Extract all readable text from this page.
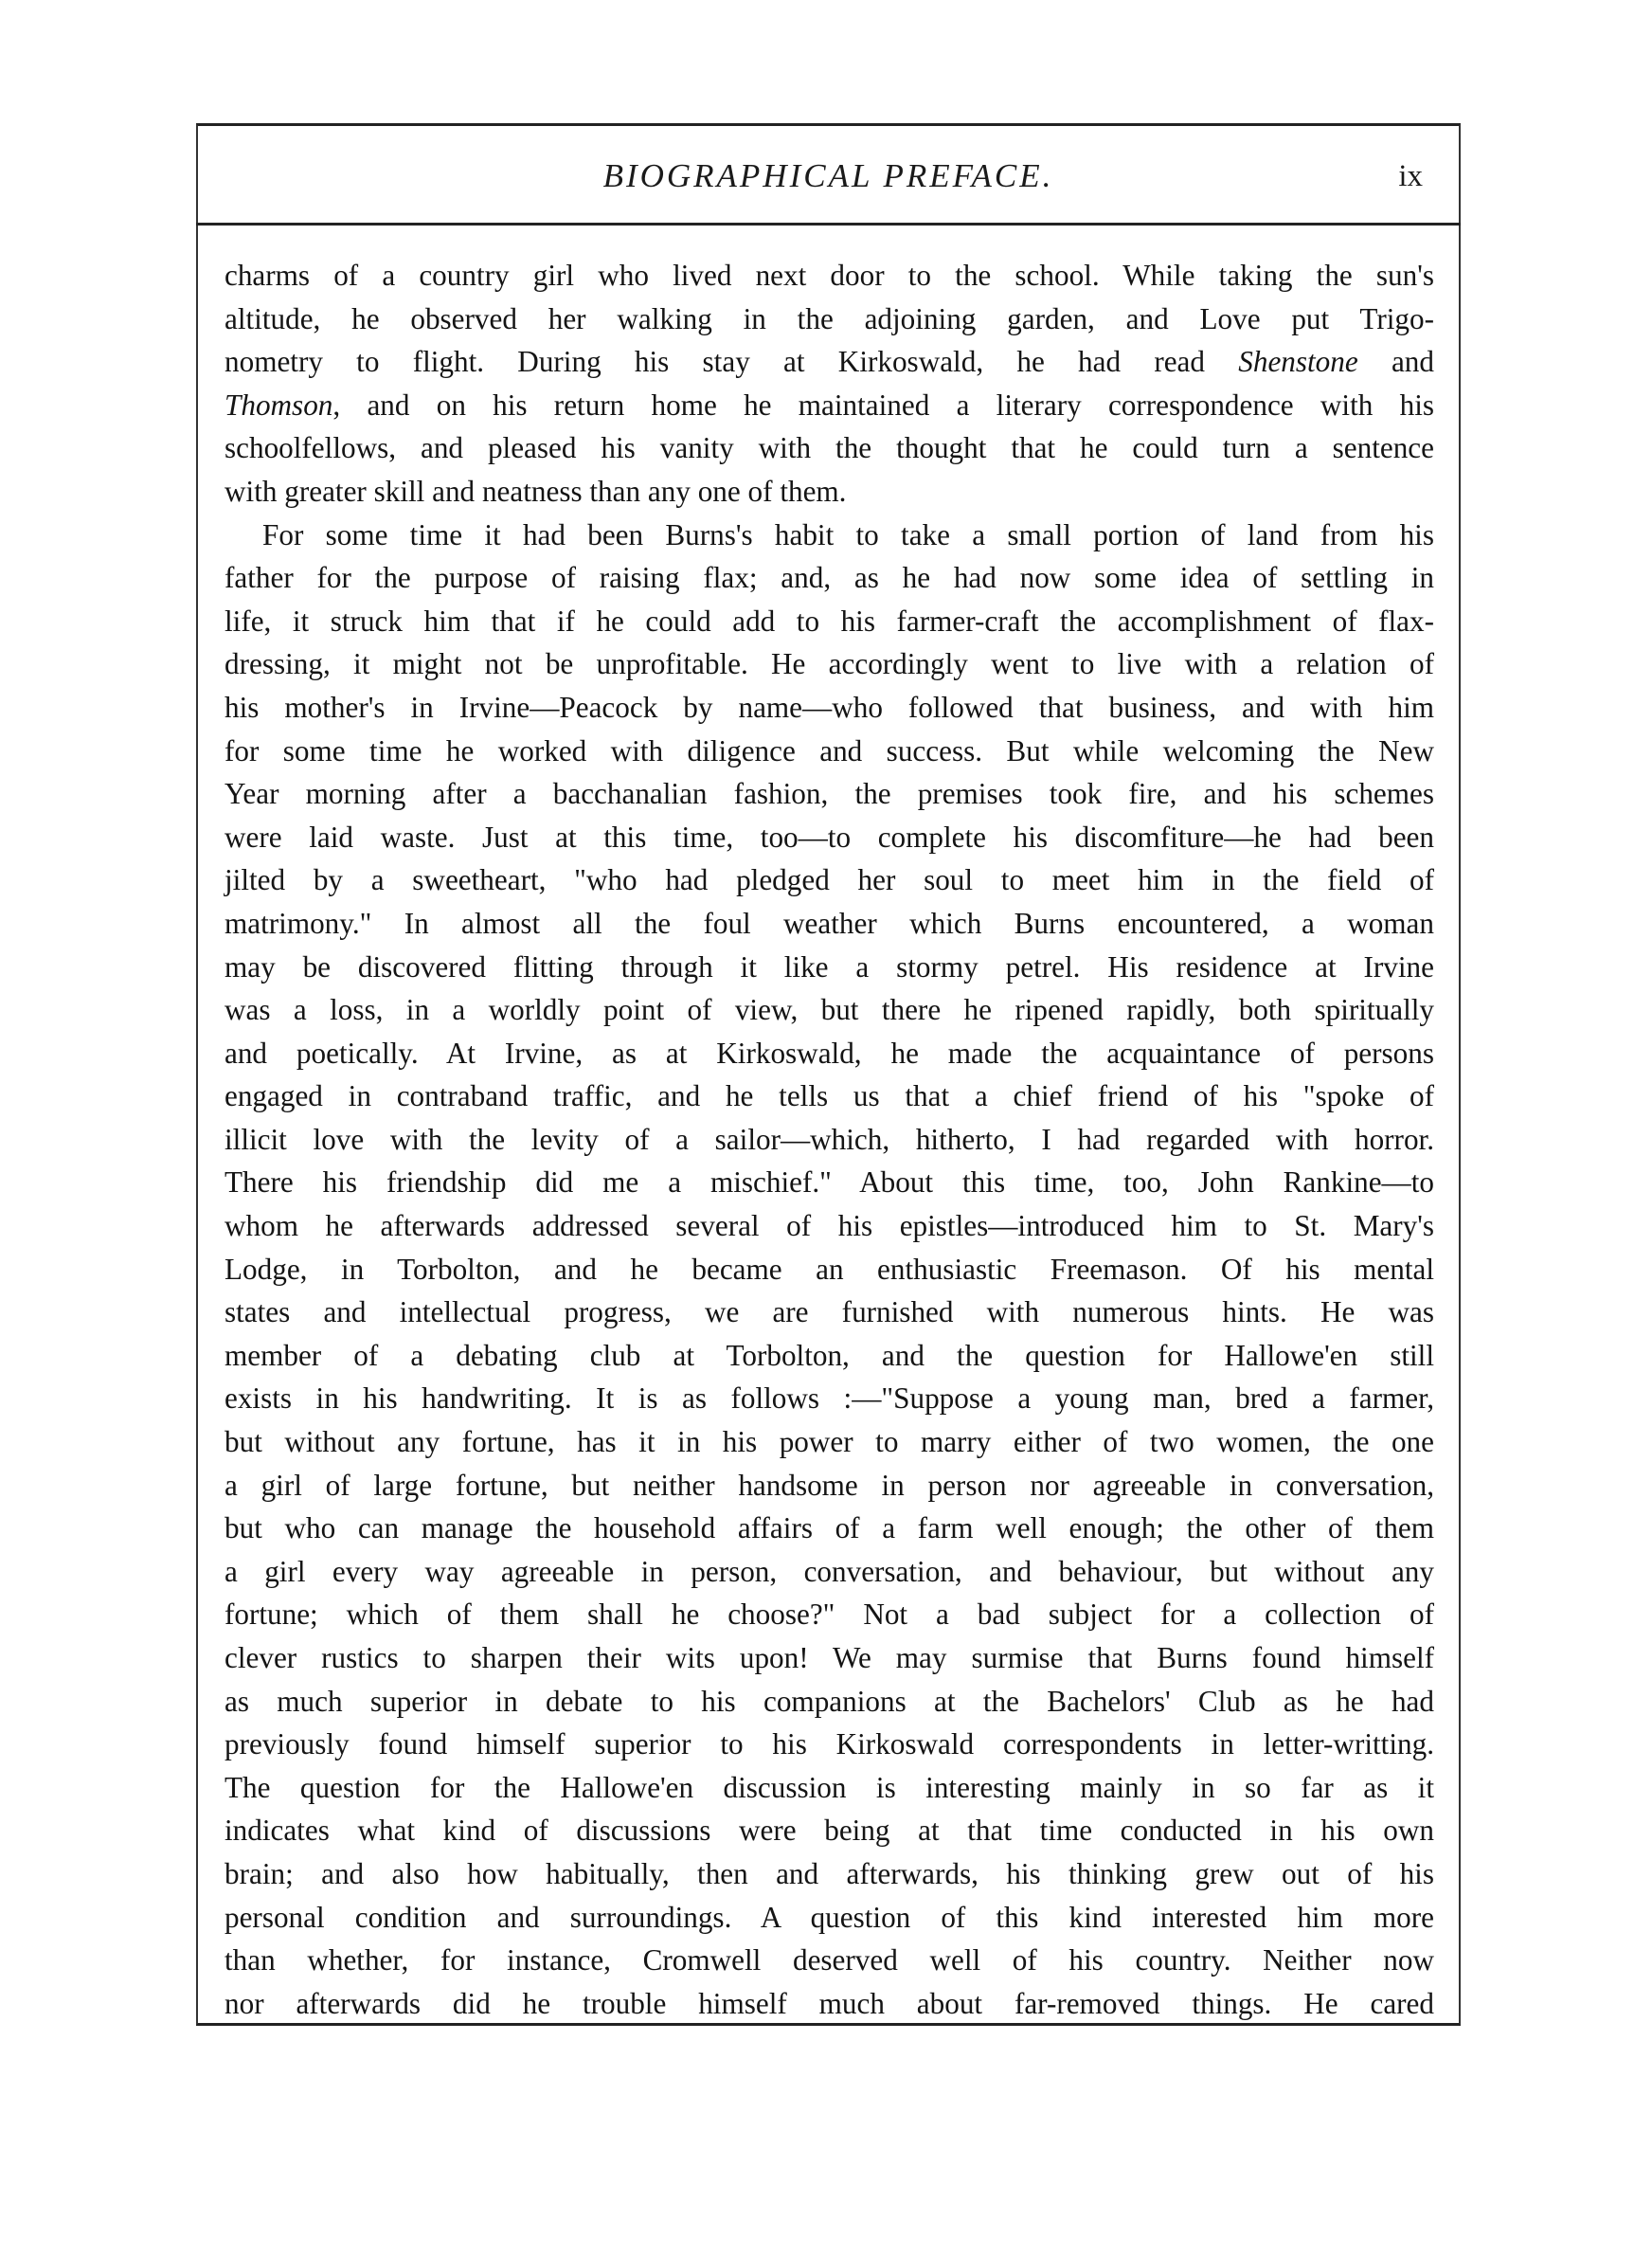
BIOGRAPHICAL PREFACE.	ix
charms of a country girl who lived next door to the school. While taking the sun's
altitude, he observed her walking in the adjoining garden, and Love put Trigo-
nometry to flight. During his stay at Kirkoswald, he had read Shenstone and
Thomson, and on his return home he maintained a literary correspondence with his
schoolfellows, and pleased his vanity with the thought that he could turn a sentence
with greater skill and neatness than any one of them.
For some time it had been Burns's habit to take a small portion of land from his
father for the purpose of raising flax; and, as he had now some idea of settling in
life, it struck him that if he could add to his farmer-craft the accomplishment of flax-
dressing, it might not be unprofitable. He accordingly went to live with a relation of
his mother's in Irvine—Peacock by name—who followed that business, and with him
for some time he worked with diligence and success. But while welcoming the New
Year morning after a bacchanalian fashion, the premises took fire, and his schemes
were laid waste. Just at this time, too—to complete his discomfiture—he had been
jilted by a sweetheart, "who had pledged her soul to meet him in the field of
matrimony." In almost all the foul weather which Burns encountered, a woman
may be discovered flitting through it like a stormy petrel. His residence at Irvine
was a loss, in a worldly point of view, but there he ripened rapidly, both spiritually
and poetically. At Irvine, as at Kirkoswald, he made the acquaintance of persons
engaged in contraband traffic, and he tells us that a chief friend of his "spoke of
illicit love with the levity of a sailor—which, hitherto, I had regarded with horror.
There his friendship did me a mischief." About this time, too, John Rankine—to
whom he afterwards addressed several of his epistles—introduced him to St. Mary's
Lodge, in Torbolton, and he became an enthusiastic Freemason. Of his mental
states and intellectual progress, we are furnished with numerous hints. He was
member of a debating club at Torbolton, and the question for Hallowe'en still
exists in his handwriting. It is as follows :—"Suppose a young man, bred a farmer,
but without any fortune, has it in his power to marry either of two women, the one
a girl of large fortune, but neither handsome in person nor agreeable in conversation,
but who can manage the household affairs of a farm well enough; the other of them
a girl every way agreeable in person, conversation, and behaviour, but without any
fortune; which of them shall he choose?" Not a bad subject for a collection of
clever rustics to sharpen their wits upon! We may surmise that Burns found himself
as much superior in debate to his companions at the Bachelors' Club as he had
previously found himself superior to his Kirkoswald correspondents in letter-writting.
The question for the Hallowe'en discussion is interesting mainly in so far as it
indicates what kind of discussions were being at that time conducted in his own
brain; and also how habitually, then and afterwards, his thinking grew out of his
personal condition and surroundings. A question of this kind interested him more
than whether, for instance, Cromwell deserved well of his country. Neither now
nor afterwards did he trouble himself much about far-removed things. He cared
